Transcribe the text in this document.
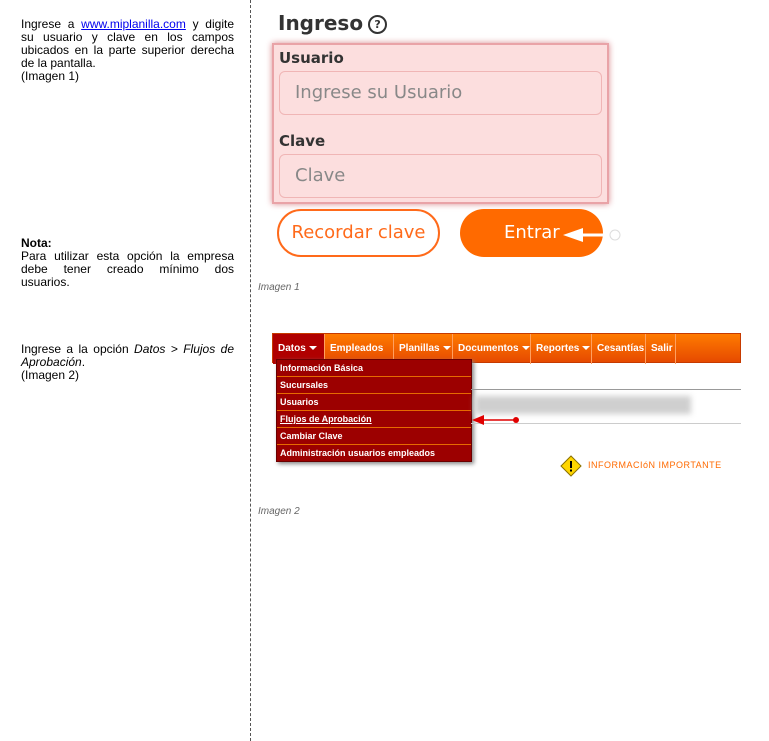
Ingrese a www.miplanilla.com y digite su usuario y clave en los campos ubicados en la parte superior derecha de la pantalla.
(Imagen 1)
Nota:
Para utilizar esta opción la empresa debe tener creado mínimo dos usuarios.
Ingrese a la opción Datos > Flujos de Aprobación.
(Imagen 2)
Ingreso ?
Usuario
Ingrese su Usuario
Clave
Clave
Recordar clave	Entrar
Imagen 1
Datos	Empleados	Planillas	Documentos	Reportes	Cesantías Salir
Información Básica
Sucursales
Usuarios
Flujos de Aprobación
Cambiar Clave
Administración usuarios empleados
INFORMACIóN IMPORTANTE
Imagen 2
